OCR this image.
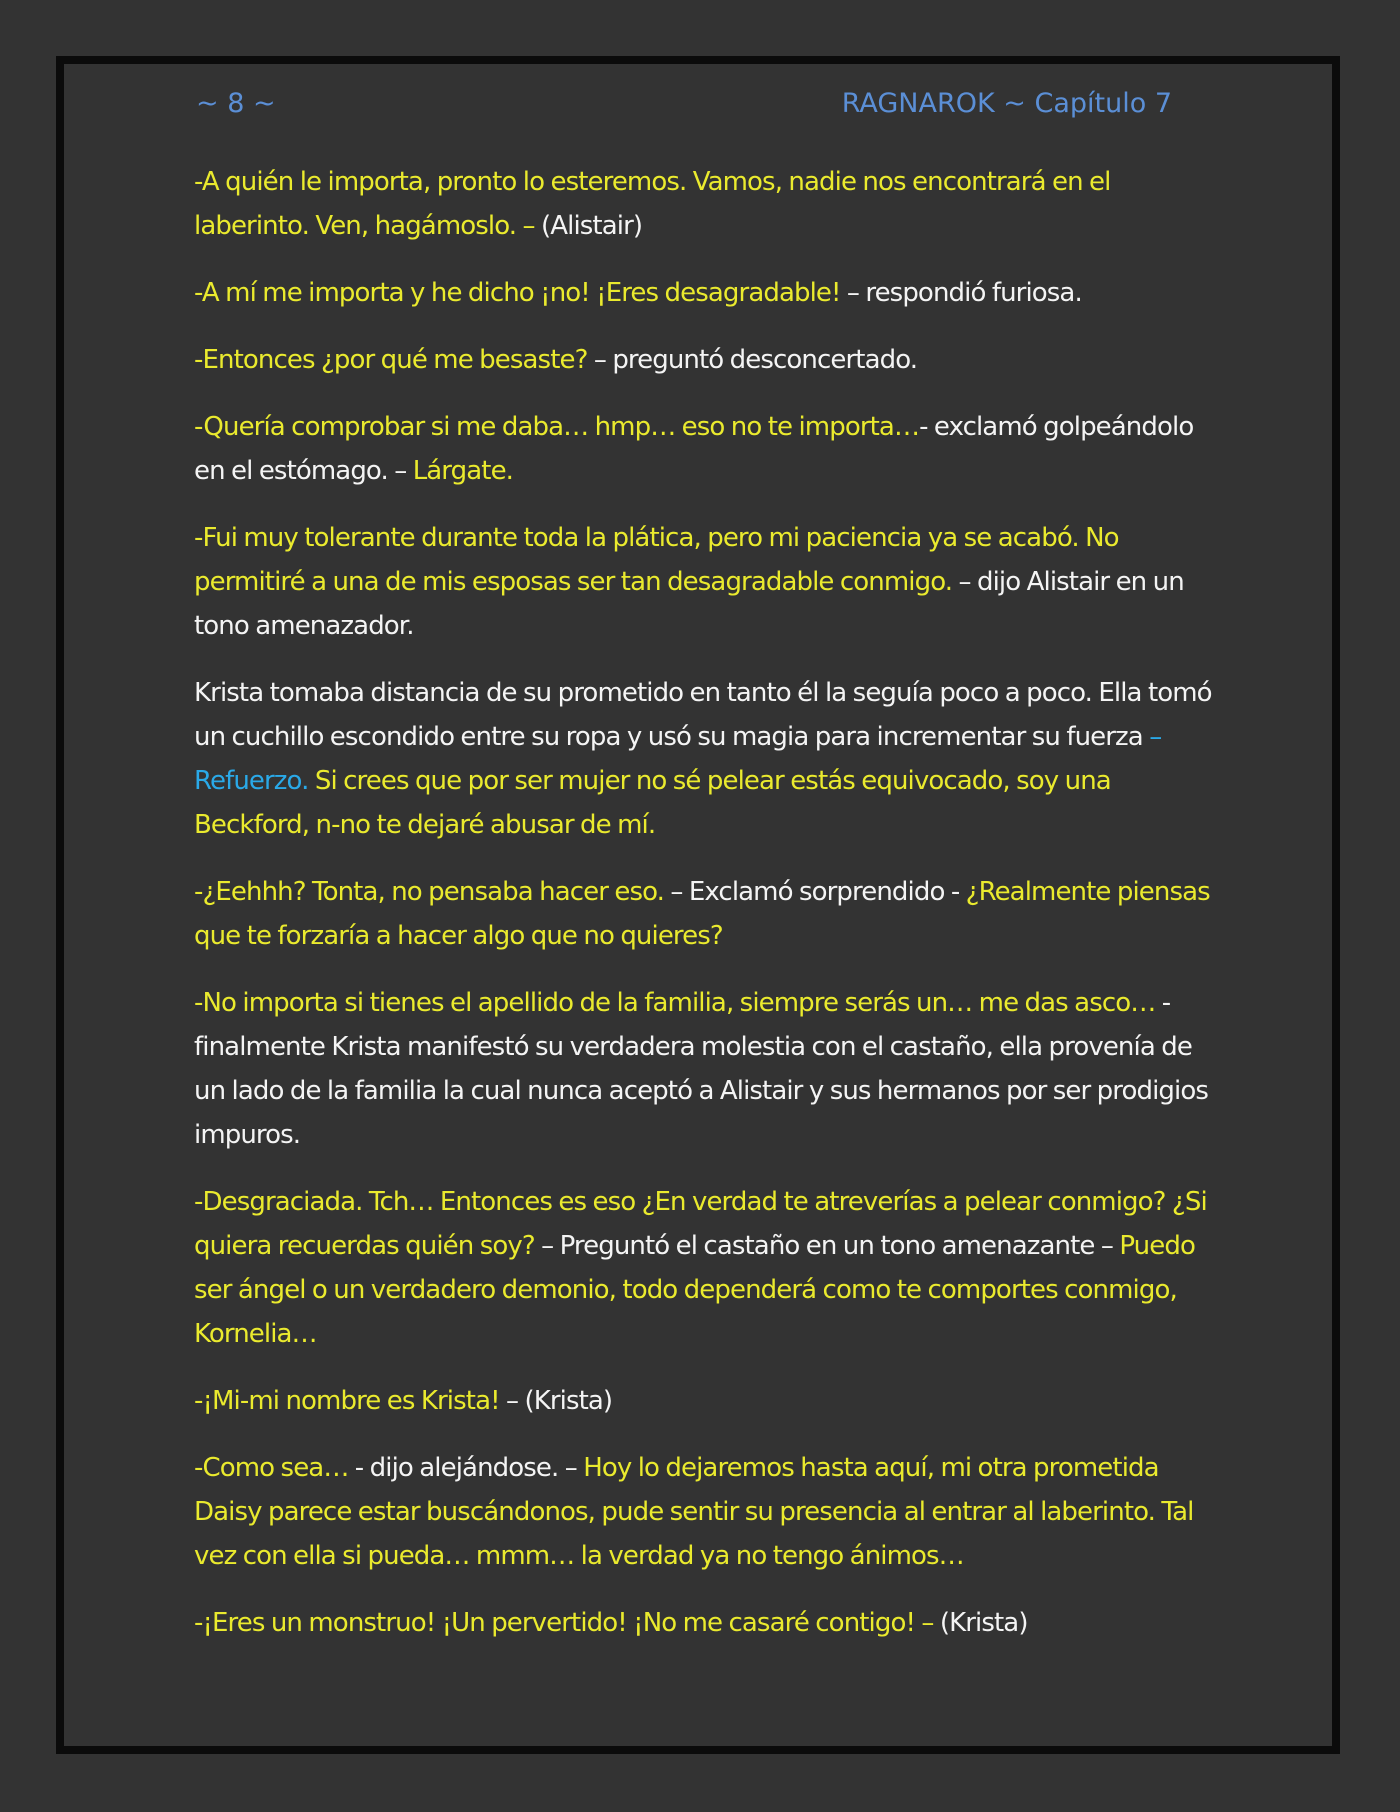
~ 8 ~	RAGNAROK ~ Capítulo 7

-A quién le importa, pronto lo esteremos. Vamos, nadie nos encontrará en el laberinto. Ven, hagámoslo. – (Alistair)

-A mí me importa y he dicho ¡no! ¡Eres desagradable! – respondió furiosa.

-Entonces ¿por qué me besaste? – preguntó desconcertado.

-Quería comprobar si me daba… hmp… eso no te importa…- exclamó golpeándolo en el estómago. – Lárgate.

-Fui muy tolerante durante toda la plática, pero mi paciencia ya se acabó. No permitiré a una de mis esposas ser tan desagradable conmigo. – dijo Alistair en un tono amenazador.

Krista tomaba distancia de su prometido en tanto él la seguía poco a poco. Ella tomó un cuchillo escondido entre su ropa y usó su magia para incrementar su fuerza – Refuerzo. Si crees que por ser mujer no sé pelear estás equivocado, soy una Beckford, n-no te dejaré abusar de mí.

-¿Eehhh? Tonta, no pensaba hacer eso. – Exclamó sorprendido - ¿Realmente piensas que te forzaría a hacer algo que no quieres?

-No importa si tienes el apellido de la familia, siempre serás un… me das asco… - finalmente Krista manifestó su verdadera molestia con el castaño, ella provenía de un lado de la familia la cual nunca aceptó a Alistair y sus hermanos por ser prodigios impuros.

-Desgraciada. Tch… Entonces es eso ¿En verdad te atreverías a pelear conmigo? ¿Si quiera recuerdas quién soy? – Preguntó el castaño en un tono amenazante – Puedo ser ángel o un verdadero demonio, todo dependerá como te comportes conmigo, Kornelia…

-¡Mi-mi nombre es Krista! – (Krista)

-Como sea… - dijo alejándose. – Hoy lo dejaremos hasta aquí, mi otra prometida Daisy parece estar buscándonos, pude sentir su presencia al entrar al laberinto. Tal vez con ella si pueda… mmm… la verdad ya no tengo ánimos…

-¡Eres un monstruo! ¡Un pervertido! ¡No me casaré contigo! – (Krista)
